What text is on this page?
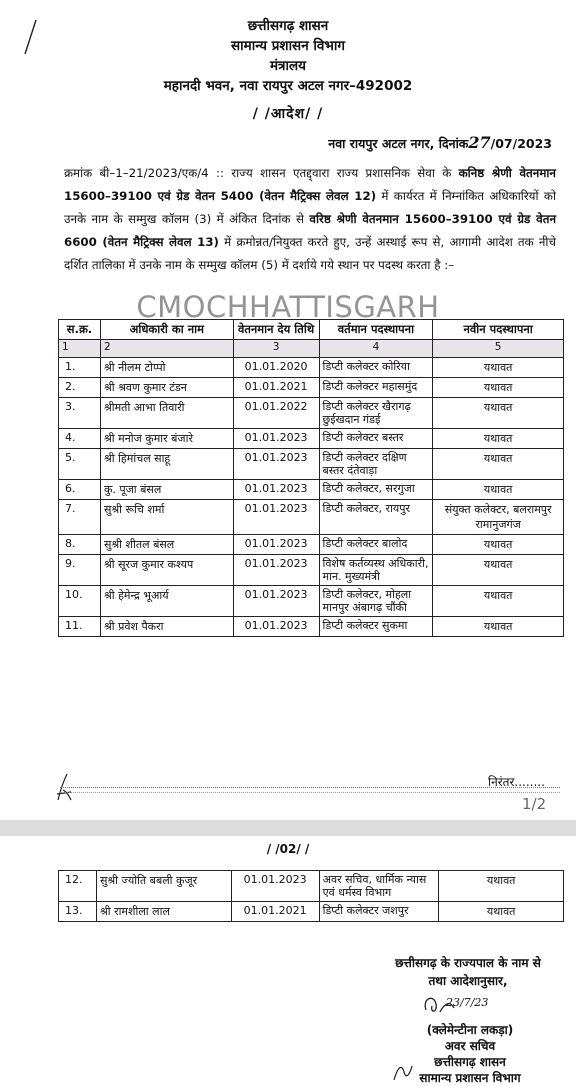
छत्तीसगढ़ शासन
सामान्य प्रशासन विभाग
मंत्रालय
महानदी भवन, नवा रायपुर अटल नगर–492002
/ /आदेश/ /
नवा रायपुर अटल नगर, दिनांक27/07/2023
क्रमांक बी–1–21/2023/एक/4 :: राज्य शासन एतद्द्वारा राज्य प्रशासनिक सेवा के कनिष्ठ श्रेणी वेतनमान 15600–39100 एवं ग्रेड वेतन 5400 (वेतन मैट्रिक्स लेवल 12) में कार्यरत में निम्नांकित अधिकारियों को उनके नाम के सम्मुख कॉलम (3) में अंकित दिनांक से वरिष्ठ श्रेणी वेतनमान 15600–39100 एवं ग्रेड वेतन 6600 (वेतन मैट्रिक्स लेवल 13) में क्रमोन्नत/नियुक्त करते हुए, उन्हें अस्थाई रूप से, आगामी आदेश तक नीचे दर्शित तालिका में उनके नाम के सम्मुख कॉलम (5) में दर्शाये गये स्थान पर पदस्थ करता है :–
स.क्र.	अधिकारी का नाम	वेतनमान देय तिथि	वर्तमान पदस्थापना	नवीन पदस्थापना
1	2	3	4	5
1.	श्री नीलम टोप्पो	01.01.2020	डिप्टी कलेक्टर कोरिया	यथावत
2.	श्री श्रवण कुमार टंडन	01.01.2021	डिप्टी कलेक्टर महासमुंद	यथावत
3.	श्रीमती आभा तिवारी	01.01.2022	डिप्टी कलेक्टर खैरागढ़ छुईखदान गंडई	यथावत
4.	श्री मनोज कुमार बंजारे	01.01.2023	डिप्टी कलेक्टर बस्तर	यथावत
5.	श्री हिमांचल साहू	01.01.2023	डिप्टी कलेक्टर दक्षिण बस्तर दंतेवाड़ा	यथावत
6.	कु. पूजा बंसल	01.01.2023	डिप्टी कलेक्टर, सरगुजा	यथावत
7.	सुश्री रूचि शर्मा	01.01.2023	डिप्टी कलेक्टर, रायपुर	संयुक्त कलेक्टर, बलरामपुर रामानुजगंज
8.	सुश्री शीतल बंसल	01.01.2023	डिप्टी कलेक्टर बालोद	यथावत
9.	श्री सूरज कुमार कश्यप	01.01.2023	विशेष कर्तव्यस्थ अधिकारी, मान. मुख्यमंत्री	यथावत
10.	श्री हेमेन्द्र भूआर्य	01.01.2023	डिप्टी कलेक्टर, मोहला मानपुर अंबागढ़ चौंकी	यथावत
11.	श्री प्रवेश पैकरा	01.01.2023	डिप्टी कलेक्टर सुकमा	यथावत
CMOCHHATTISGARH
निरंतर........
1/2
/ /02/ /
12.	सुश्री ज्योति बबली कुजूर	01.01.2023	अवर सचिव, धार्मिक न्यास एवं धर्मस्व विभाग	यथावत
13.	श्री रामशीला लाल	01.01.2021	डिप्टी कलेक्टर जशपुर	यथावत
छत्तीसगढ़ के राज्यपाल के नाम से
तथा आदेशानुसार,
23/7/23
(क्लेमेन्टीना लकड़ा)
अवर सचिव
छत्तीसगढ़ शासन
सामान्य प्रशासन विभाग
